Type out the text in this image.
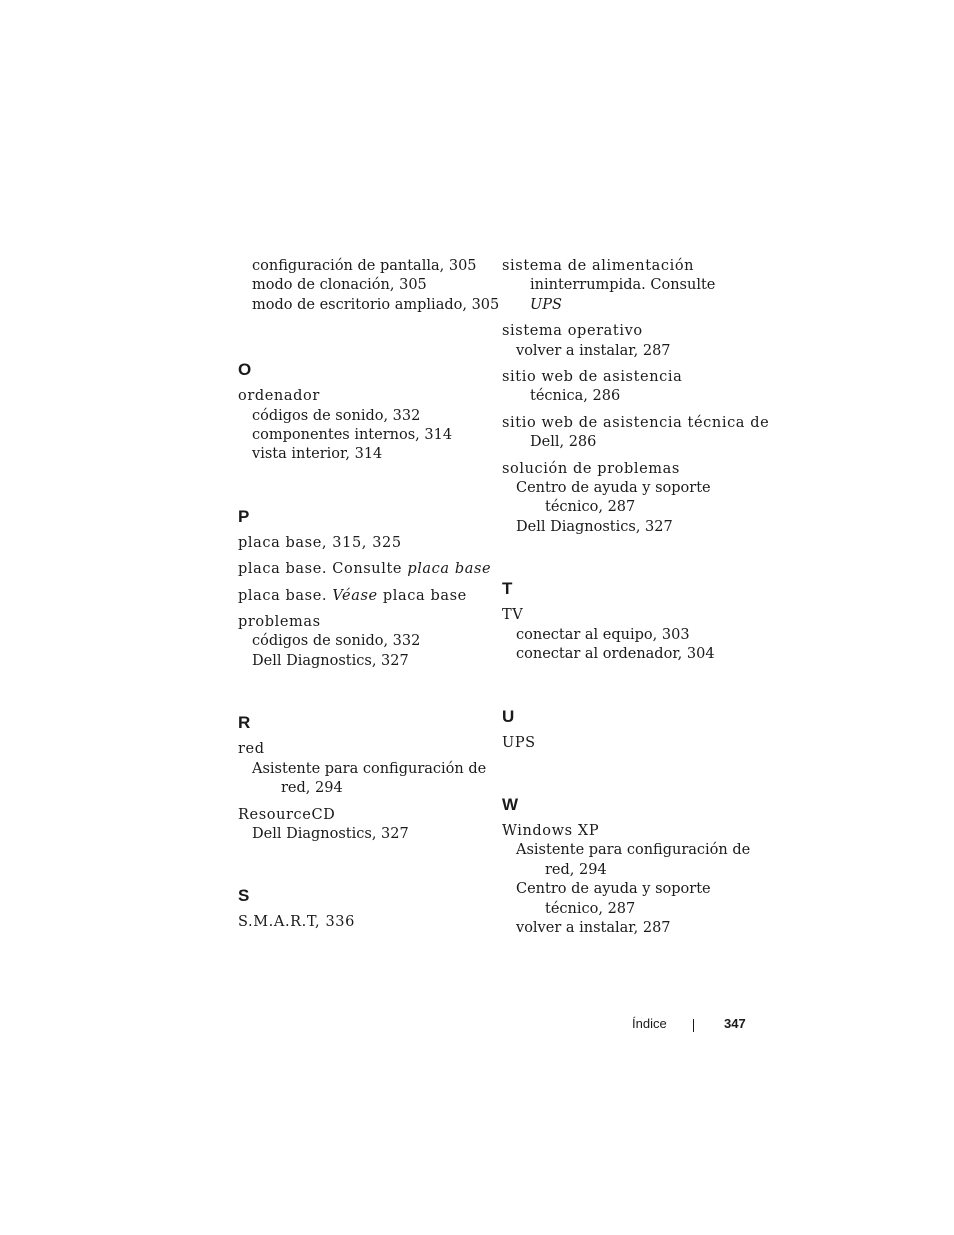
configuración de pantalla, 305
modo de clonación, 305
modo de escritorio ampliado, 305
O
ordenador
códigos de sonido, 332
componentes internos, 314
vista interior, 314
P
placa base, 315, 325
placa base. Consulte placa base
placa base. Véase placa base
problemas
códigos de sonido, 332
Dell Diagnostics, 327
R
red
Asistente para configuración de
red, 294
ResourceCD
Dell Diagnostics, 327
S
S.M.A.R.T, 336
sistema de alimentación
ininterrumpida. Consulte
UPS
sistema operativo
volver a instalar, 287
sitio web de asistencia
técnica, 286
sitio web de asistencia técnica de
Dell, 286
solución de problemas
Centro de ayuda y soporte
técnico, 287
Dell Diagnostics, 327
T
TV
conectar al equipo, 303
conectar al ordenador, 304
U
UPS
W
Windows XP
Asistente para configuración de
red, 294
Centro de ayuda y soporte
técnico, 287
volver a instalar, 287
Índice	347
